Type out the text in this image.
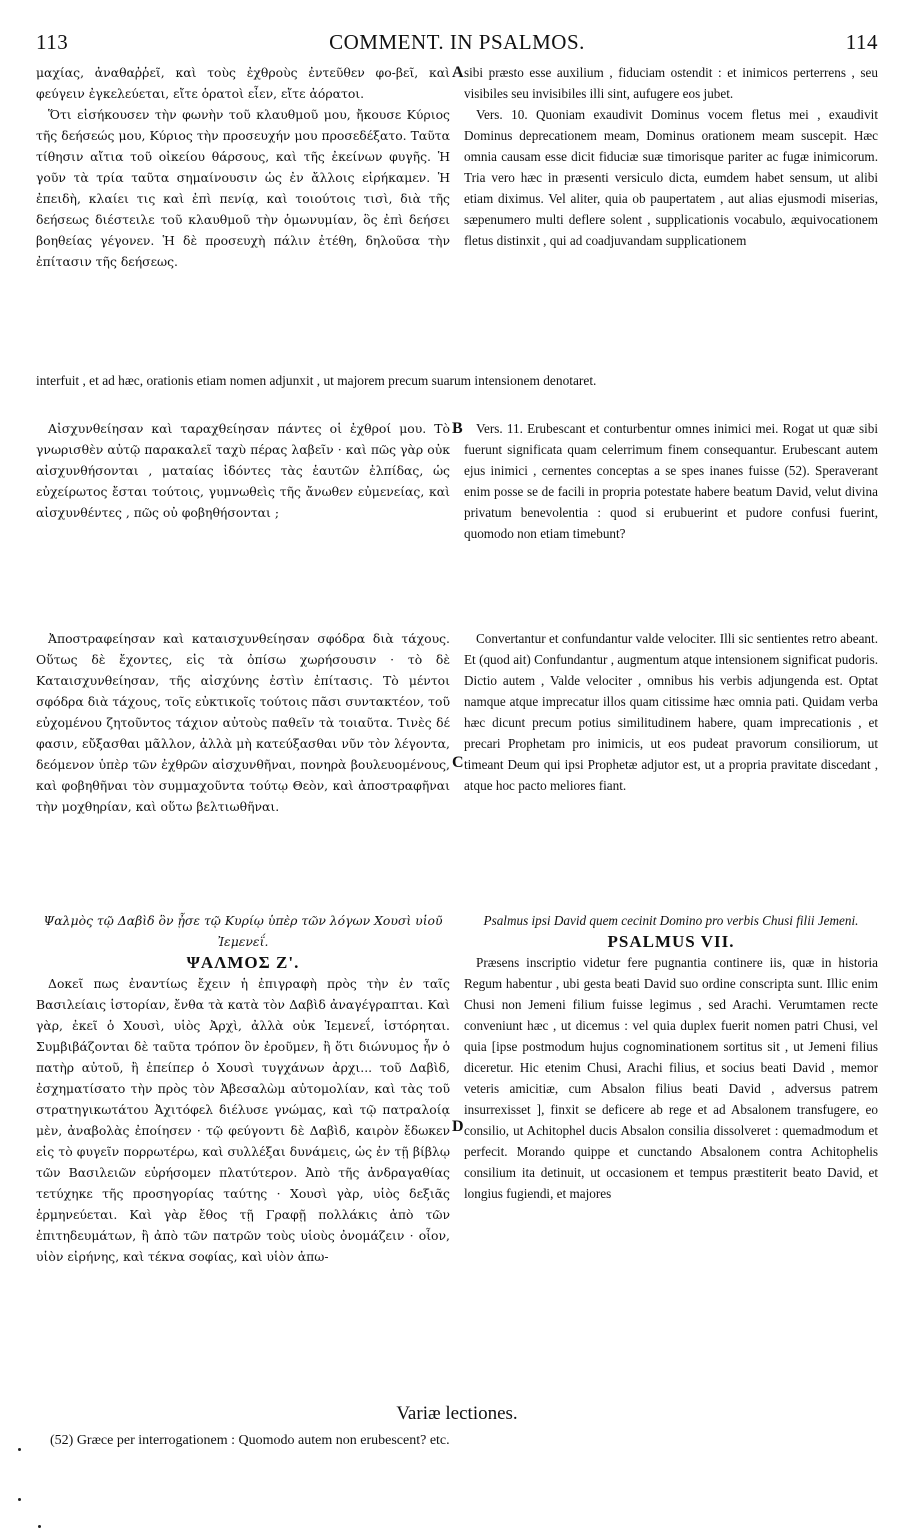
113	COMMENT. IN PSALMOS.	114

μαχίας, ἀναθαῤῥεῖ, καὶ τοὺς ἐχθροὺς ἐντεῦθεν φο-βεῖ, καὶ φεύγειν ἐγκελεύεται, εἴτε ὁρατοὶ εἶεν, εἴτε ἀόρατοι.

Ὅτι εἰσήκουσεν τὴν φωνὴν τοῦ κλαυθμοῦ μου, ἤκουσε Κύριος τῆς δεήσεώς μου, Κύριος τὴν προσευχήν μου προσεδέξατο. Ταῦτα τίθησιν αἴτια τοῦ οἰκείου θάρσους, καὶ τῆς ἐκείνων φυγῆς. Ἡ γοῦν τὰ τρία ταῦτα σημαίνουσιν ὡς ἐν ἄλλοις εἰρήκαμεν. Ἡ ἐπειδὴ, κλαίει τις καὶ ἐπὶ πενίᾳ, καὶ τοιούτοις τισὶ, διὰ τῆς δεήσεως διέστειλε τοῦ κλαυθμοῦ τὴν ὁμωνυμίαν, ὃς ἐπὶ δεήσει βοηθείας γέγονεν. Ἡ δὲ προσευχὴ πάλιν ἐτέθη, δηλοῦσα τὴν ἐπίτασιν τῆς δεήσεως.

A sibi præsto esse auxilium , fiduciam ostendit : et inimicos perterrens , seu visibiles seu invisibiles illi sint, aufugere eos jubet.

Vers. 10. Quoniam exaudivit Dominus vocem fletus mei , exaudivit Dominus deprecationem meam, Dominus orationem meam suscepit. Hæc omnia causam esse dicit fiduciæ suæ timorisque pariter ac fugæ inimicorum. Tria vero hæc in præsenti versiculo dicta, eumdem habet sensum, ut alibi etiam diximus. Vel aliter, quia ob paupertatem , aut alias ejusmodi miserias, sæpenumero multi deflere solent , supplicationis vocabulo, æquivocationem fletus distinxit , qui ad coadjuvandam supplicationem

interfuit , et ad hæc, orationis etiam nomen adjunxit , ut majorem precum suarum intensionem denotaret.

Αἰσχυνθείησαν καὶ ταραχθείησαν πάντες οἱ ἐχθροί μου. Τὸ γνωρισθὲν αὐτῷ παρακαλεῖ ταχὺ πέρας λαβεῖν · καὶ πῶς γὰρ οὐκ αἰσχυνθήσονται , ματαίας ἰδόντες τὰς ἑαυτῶν ἐλπίδας, ὡς εὐχείρωτος ἔσται τούτοις, γυμνωθεὶς τῆς ἄνωθεν εὐμενείας, καὶ αἰσχυνθέντες , πῶς οὐ φοβηθήσονται ;

B	Vers. 11. Erubescant et conturbentur omnes inimici mei. Rogat ut quæ sibi fuerunt significata quam celerrimum finem consequantur. Erubescant autem ejus inimici , cernentes conceptas a se spes inanes fuisse (52). Speraverant enim posse se de facili in propria potestate habere beatum David, velut divina privatum benevolentia : quod si erubuerint et pudore confusi fuerint, quomodo non etiam timebunt?

Ἀποστραφείησαν καὶ καταισχυνθείησαν σφόδρα διὰ τάχους. Οὕτως δὲ ἔχοντες, εἰς τὰ ὀπίσω χωρήσουσιν · τὸ δὲ Καταισχυνθείησαν, τῆς αἰσχύνης ἐστὶν ἐπίτασις. Τὸ μέντοι σφόδρα διὰ τάχους, τοῖς εὐκτικοῖς τούτοις πᾶσι συντακτέον, τοῦ εὐχομένου ζητοῦντος τάχιον αὐτοὺς παθεῖν τὰ τοιαῦτα. Τινὲς δέ φασιν, εὔξασθαι μᾶλλον, ἀλλὰ μὴ κατεύξασθαι νῦν τὸν λέγοντα, δεόμενον ὑπὲρ τῶν ἐχθρῶν αἰσχυνθῆναι, πονηρὰ βουλευομένους, καὶ φοβηθῆναι τὸν συμμαχοῦντα τούτῳ Θεὸν, καὶ ἀποστραφῆναι τὴν μοχθηρίαν, καὶ οὕτω βελτιωθῆναι.

C

Convertantur et confundantur valde velociter. Illi sic sentientes retro abeant. Et (quod ait) Confundantur , augmentum atque intensionem significat pudoris. Dictio autem , Valde velociter , omnibus his verbis adjungenda est. Optat namque atque imprecatur illos quam citissime hæc omnia pati. Quidam verba hæc dicunt precum potius similitudinem habere, quam imprecationis , et precari Prophetam pro inimicis, ut eos pudeat pravorum consiliorum, ut timeant Deum qui ipsi Prophetæ adjutor est, ut a propria pravitate discedant , atque hoc pacto meliores fiant.

Ψαλμὸς τῷ Δαβὶδ ὃν ᾖσε τῷ Κυρίῳ ὑπὲρ τῶν λόγων Χουσὶ υἱοῦ Ἰεμενεΐ.

ΨΑΛΜΟΣ Ζ'.

Δοκεῖ πως ἐναντίως ἔχειν ἡ ἐπιγραφὴ πρὸς τὴν ἐν ταῖς Βασιλείαις ἱστορίαν, ἔνθα τὰ κατὰ τὸν Δαβὶδ ἀναγέγραπται. Καὶ γὰρ, ἐκεῖ ὁ Χουσὶ, υἱὸς Ἀρχὶ, ἀλλὰ οὐκ Ἰεμενεΐ, ἱστόρηται. Συμβιβάζονται δὲ ταῦτα τρόπον ὃν ἐροῦμεν, ἢ ὅτι διώνυμος ἦν ὁ πατὴρ αὐτοῦ, ἢ ἐπείπερ ὁ Χουσὶ τυγχάνων ἀρχι... τοῦ Δαβὶδ, ἐσχηματίσατο τὴν πρὸς τὸν Ἀβεσαλὼμ αὐτομολίαν, καὶ τὰς τοῦ στρατηγικωτάτου Ἀχιτόφελ διέλυσε γνώμας, καὶ τῷ πατραλοίᾳ μὲν, ἀναβολὰς ἐποίησεν · τῷ φεύγοντι δὲ Δαβὶδ, καιρὸν ἔδωκεν εἰς τὸ φυγεῖν πορρωτέρω, καὶ συλλέξαι δυνάμεις, ὡς ἐν τῇ βίβλῳ τῶν Βασιλειῶν εὑρήσομεν πλατύτερον. Ἀπὸ τῆς ἀνδραγαθίας τετύχηκε τῆς προσηγορίας ταύτης · Χουσὶ γὰρ, υἱὸς δεξιᾶς ἑρμηνεύεται. Καὶ γὰρ ἔθος τῇ Γραφῇ πολλάκις ἀπὸ τῶν ἐπιτηδευμάτων, ἢ ἀπὸ τῶν πατρῶν τοὺς υἱοὺς ὀνομάζειν · οἷον, υἱὸν εἰρήνης, καὶ τέκνα σοφίας, καὶ υἱὸν ἀπω-

D

Psalmus ipsi David quem cecinit Domino pro verbis Chusi filii Jemeni.

PSALMUS VII.

Præsens inscriptio videtur fere pugnantia continere iis, quæ in historia Regum habentur , ubi gesta beati David suo ordine conscripta sunt. Illic enim Chusi non Jemeni filium fuisse legimus , sed Arachi. Verumtamen recte conveniunt hæc , ut dicemus : vel quia duplex fuerit nomen patri Chusi, vel quia [ipse postmodum hujus cognominationem sortitus sit , ut Jemeni filius diceretur. Hic etenim Chusi, Arachi filius, et socius beati David , memor veteris amicitiæ, cum Absalon filius beati David , adversus patrem insurrexisset ], finxit se deficere ab rege et ad Absalonem transfugere, eo consilio, ut Achitophel ducis Absalon consilia dissolveret : quemadmodum et perfecit. Morando quippe et cunctando Absalonem contra Achitophelis consilium ita detinuit, ut occasionem et tempus præstiterit beato David, et longius fugiendi, et majores

Variæ lectiones.
(52) Græce per interrogationem : Quomodo autem non erubescent? etc.
